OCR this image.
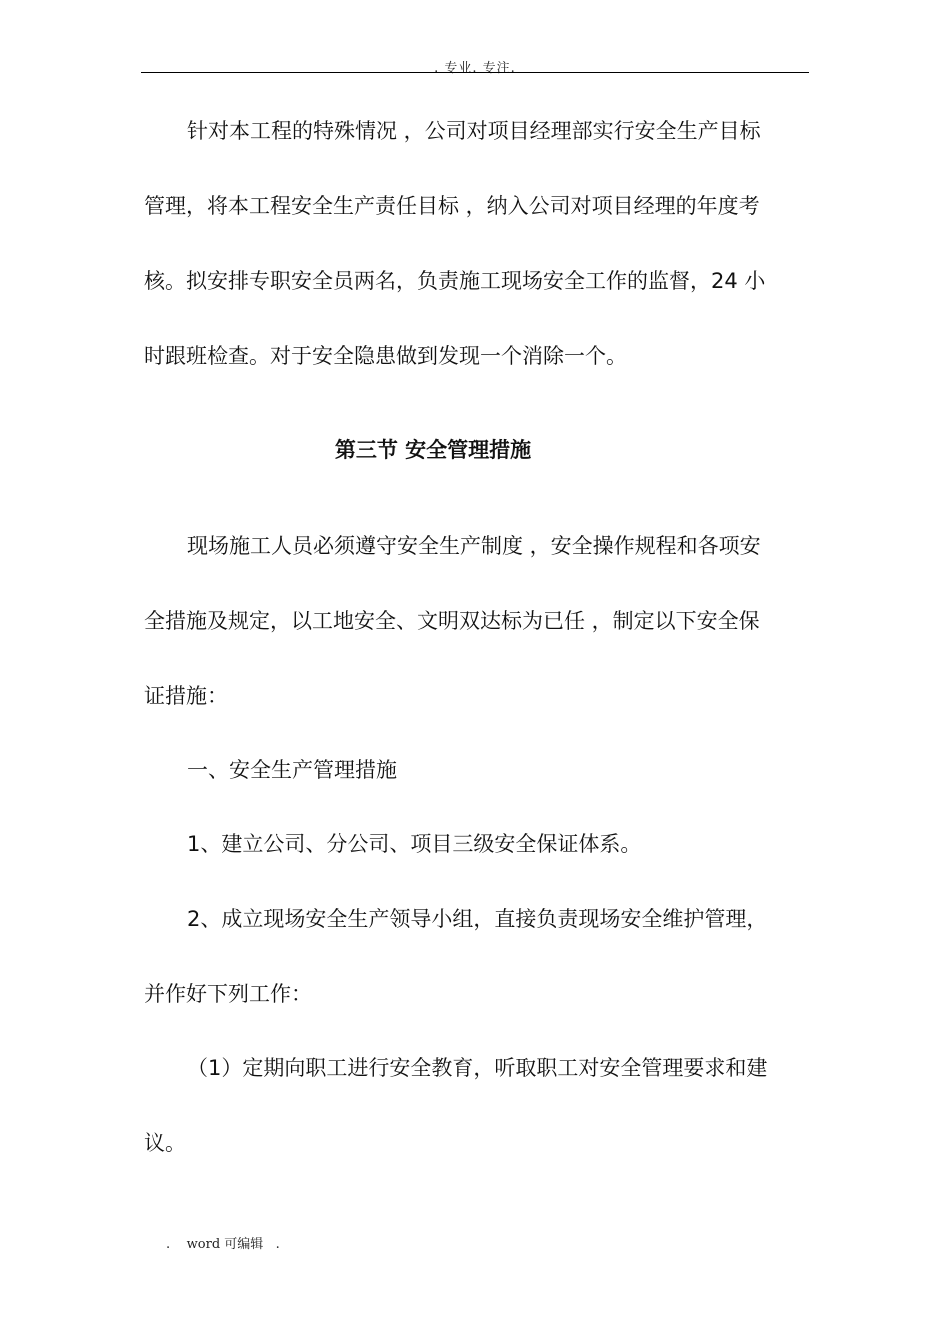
. 专业. 专注.
针对本工程的特殊情况 ，公司对项目经理部实行安全生产目标
管理，将本工程安全生产责任目标 ，纳入公司对项目经理的年度考
核。拟安排专职安全员两名，负责施工现场安全工作的监督，24 小
时跟班检查。对于安全隐患做到发现一个消除一个。
第三节 安全管理措施
现场施工人员必须遵守安全生产制度 ，安全操作规程和各项安
全措施及规定，以工地安全、文明双达标为已任 ，制定以下安全保
证措施：
一、安全生产管理措施
1、建立公司、分公司、项目三级安全保证体系。
2、成立现场安全生产领导小组，直接负责现场安全维护管理，
并作好下列工作：
（1）定期向职工进行安全教育，听取职工对安全管理要求和建
议。
.    word 可编辑   .
